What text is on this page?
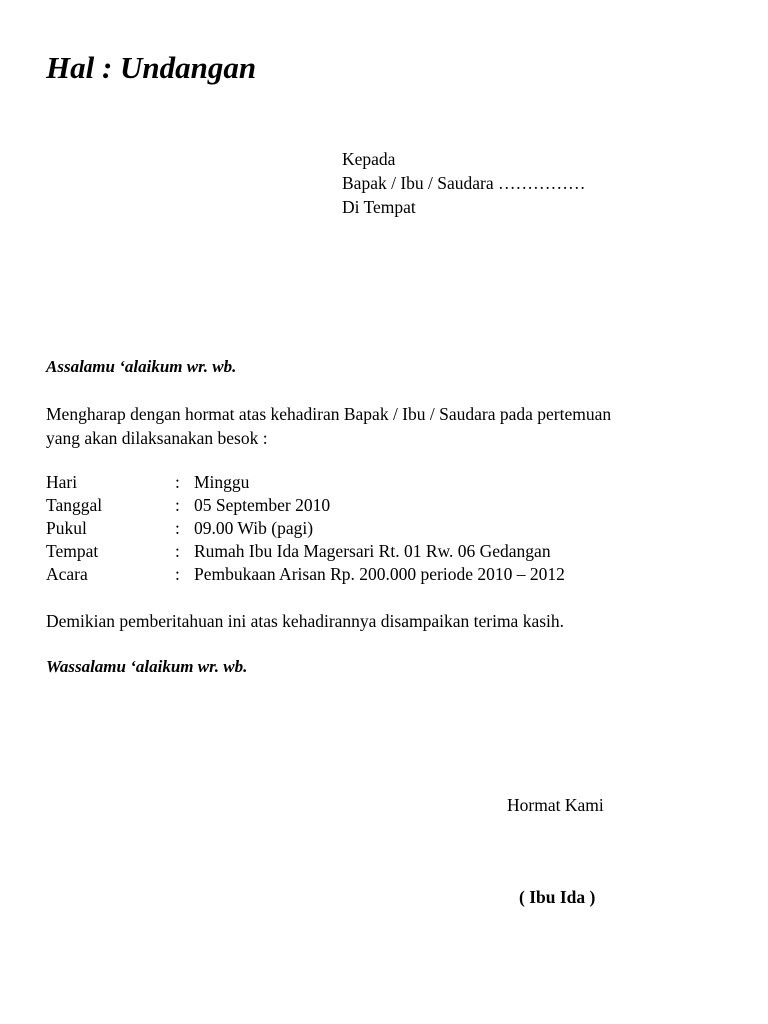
Hal : Undangan
Kepada
Bapak / Ibu / Saudara ……………
Di Tempat
Assalamu ‘alaikum wr. wb.
Mengharap dengan hormat atas kehadiran Bapak / Ibu / Saudara pada pertemuan
yang akan dilaksanakan besok :
Hari	: Minggu
Tanggal	: 05 September 2010
Pukul	: 09.00 Wib (pagi)
Tempat	: Rumah Ibu Ida Magersari Rt. 01 Rw. 06 Gedangan
Acara	: Pembukaan Arisan Rp. 200.000 periode 2010 – 2012
Demikian pemberitahuan ini atas kehadirannya disampaikan terima kasih.
Wassalamu ‘alaikum wr. wb.
Hormat Kami
( Ibu Ida )
